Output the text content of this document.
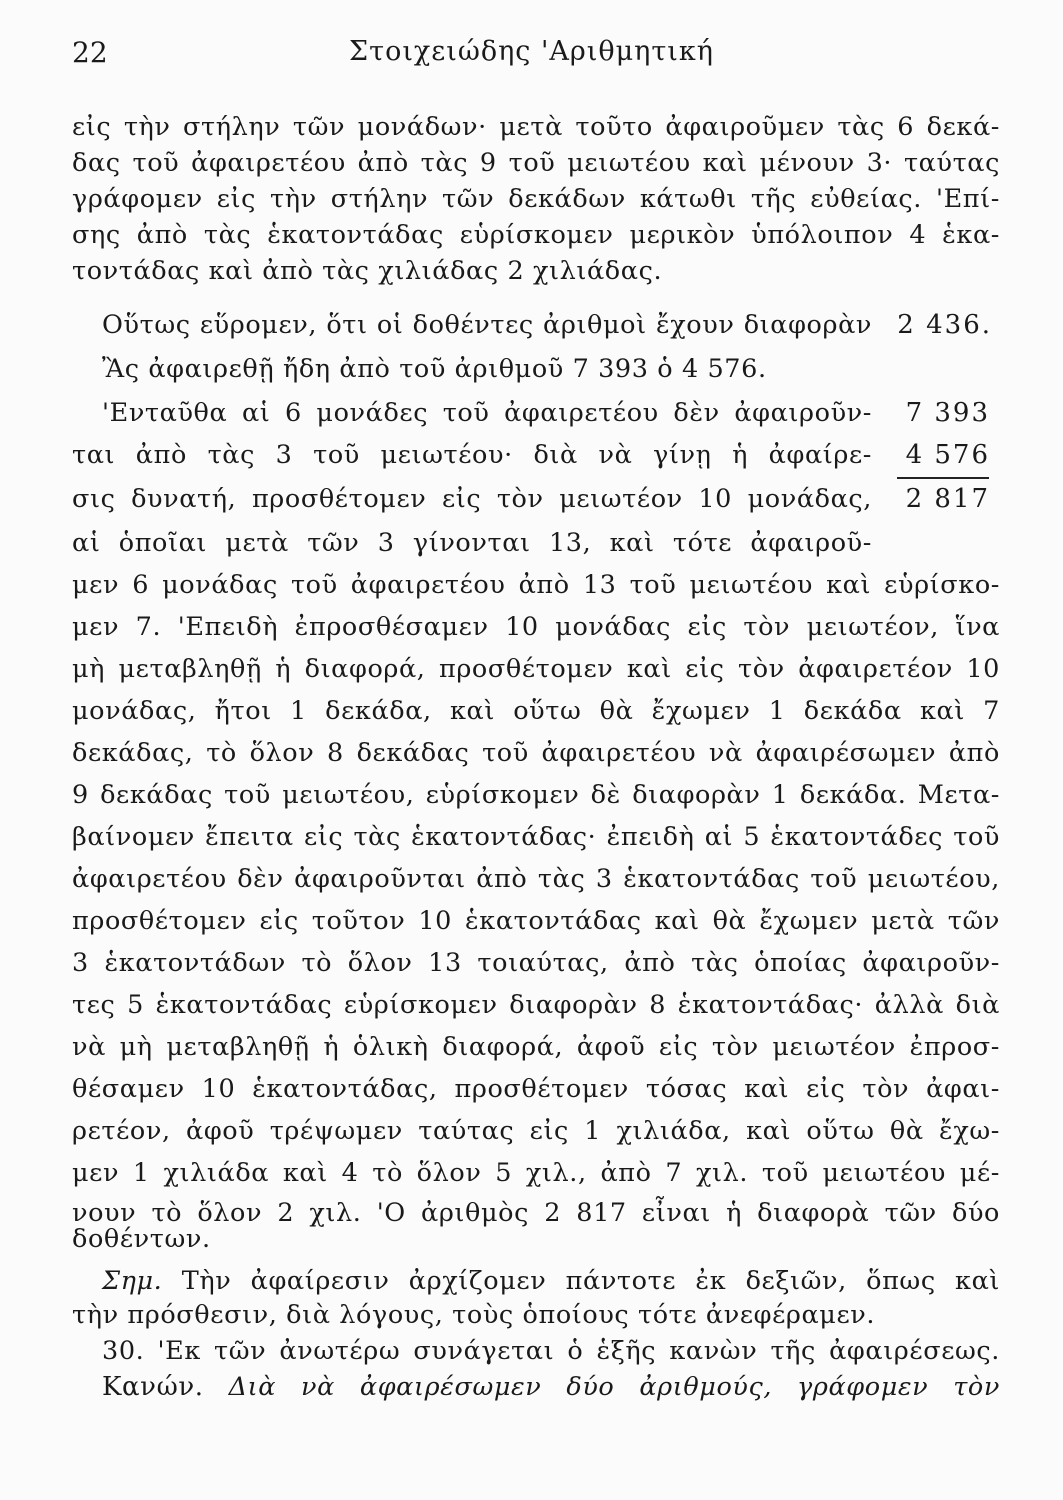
22	Στοιχειώδης 'Αριθμητική
εἰς τὴν στήλην τῶν μονάδων· μετὰ τοῦτο ἀφαιροῦμεν τὰς 6 δεκά-
δας τοῦ ἀφαιρετέου ἀπὸ τὰς 9 τοῦ μειωτέου καὶ μένουν 3· ταύτας
γράφομεν εἰς τὴν στήλην τῶν δεκάδων κάτωθι τῆς εὐθείας. 'Επί-
σης ἀπὸ τὰς ἑκατοντάδας εὑρίσκομεν μερικὸν ὑπόλοιπον 4 ἑκα-
τοντάδας καὶ ἀπὸ τὰς χιλιάδας 2 χιλιάδας.
Οὕτως εὕρομεν, ὅτι οἱ δοθέντες ἀριθμοὶ ἔχουν διαφορὰν 2 436.
Ἂς ἀφαιρεθῇ ἤδη ἀπὸ τοῦ ἀριθμοῦ 7 393 ὁ 4 576.
'Ενταῦθα αἱ 6 μονάδες τοῦ ἀφαιρετέου δὲν ἀφαιροῦν-
ται ἀπὸ τὰς 3 τοῦ μειωτέου· διὰ νὰ γίνῃ ἡ ἀφαίρε-
σις δυνατή, προσθέτομεν εἰς τὸν μειωτέον 10 μονάδας,
αἱ ὁποῖαι μετὰ τῶν 3 γίνονται 13, καὶ τότε ἀφαιροῦ-
7 393
4 576
2 817
μεν 6 μονάδας τοῦ ἀφαιρετέου ἀπὸ 13 τοῦ μειωτέου καὶ εὑρίσκο-
μεν 7. 'Επειδὴ ἐπροσθέσαμεν 10 μονάδας εἰς τὸν μειωτέον, ἵνα
μὴ μεταβληθῇ ἡ διαφορά, προσθέτομεν καὶ εἰς τὸν ἀφαιρετέον 10
μονάδας, ἤτοι 1 δεκάδα, καὶ οὕτω θὰ ἔχωμεν 1 δεκάδα καὶ 7
δεκάδας, τὸ ὅλον 8 δεκάδας τοῦ ἀφαιρετέου νὰ ἀφαιρέσωμεν ἀπὸ
9 δεκάδας τοῦ μειωτέου, εὑρίσκομεν δὲ διαφορὰν 1 δεκάδα. Μετα-
βαίνομεν ἔπειτα εἰς τὰς ἑκατοντάδας· ἐπειδὴ αἱ 5 ἑκατοντάδες τοῦ
ἀφαιρετέου δὲν ἀφαιροῦνται ἀπὸ τὰς 3 ἑκατοντάδας τοῦ μειωτέου,
προσθέτομεν εἰς τοῦτον 10 ἑκατοντάδας καὶ θὰ ἔχωμεν μετὰ τῶν
3 ἑκατοντάδων τὸ ὅλον 13 τοιαύτας, ἀπὸ τὰς ὁποίας ἀφαιροῦν-
τες 5 ἑκατοντάδας εὑρίσκομεν διαφορὰν 8 ἑκατοντάδας· ἀλλὰ διὰ
νὰ μὴ μεταβληθῇ ἡ ὁλικὴ διαφορά, ἀφοῦ εἰς τὸν μειωτέον ἐπροσ-
θέσαμεν 10 ἑκατοντάδας, προσθέτομεν τόσας καὶ εἰς τὸν ἀφαι-
ρετέον, ἀφοῦ τρέψωμεν ταύτας εἰς 1 χιλιάδα, καὶ οὕτω θὰ ἔχω-
μεν 1 χιλιάδα καὶ 4 τὸ ὅλον 5 χιλ., ἀπὸ 7 χιλ. τοῦ μειωτέου μέ-
νουν τὸ ὅλον 2 χιλ. 'Ο ἀριθμὸς 2 817 εἶναι ἡ διαφορὰ τῶν δύο
δοθέντων.
Σημ. Τὴν ἀφαίρεσιν ἀρχίζομεν πάντοτε ἐκ δεξιῶν, ὅπως καὶ
τὴν πρόσθεσιν, διὰ λόγους, τοὺς ὁποίους τότε ἀνεφέραμεν.
30. 'Εκ τῶν ἀνωτέρω συνάγεται ὁ ἑξῆς κανὼν τῆς ἀφαιρέσεως.
Κανών. Διὰ νὰ ἀφαιρέσωμεν δύο ἀριθμούς, γράφομεν τὸν
